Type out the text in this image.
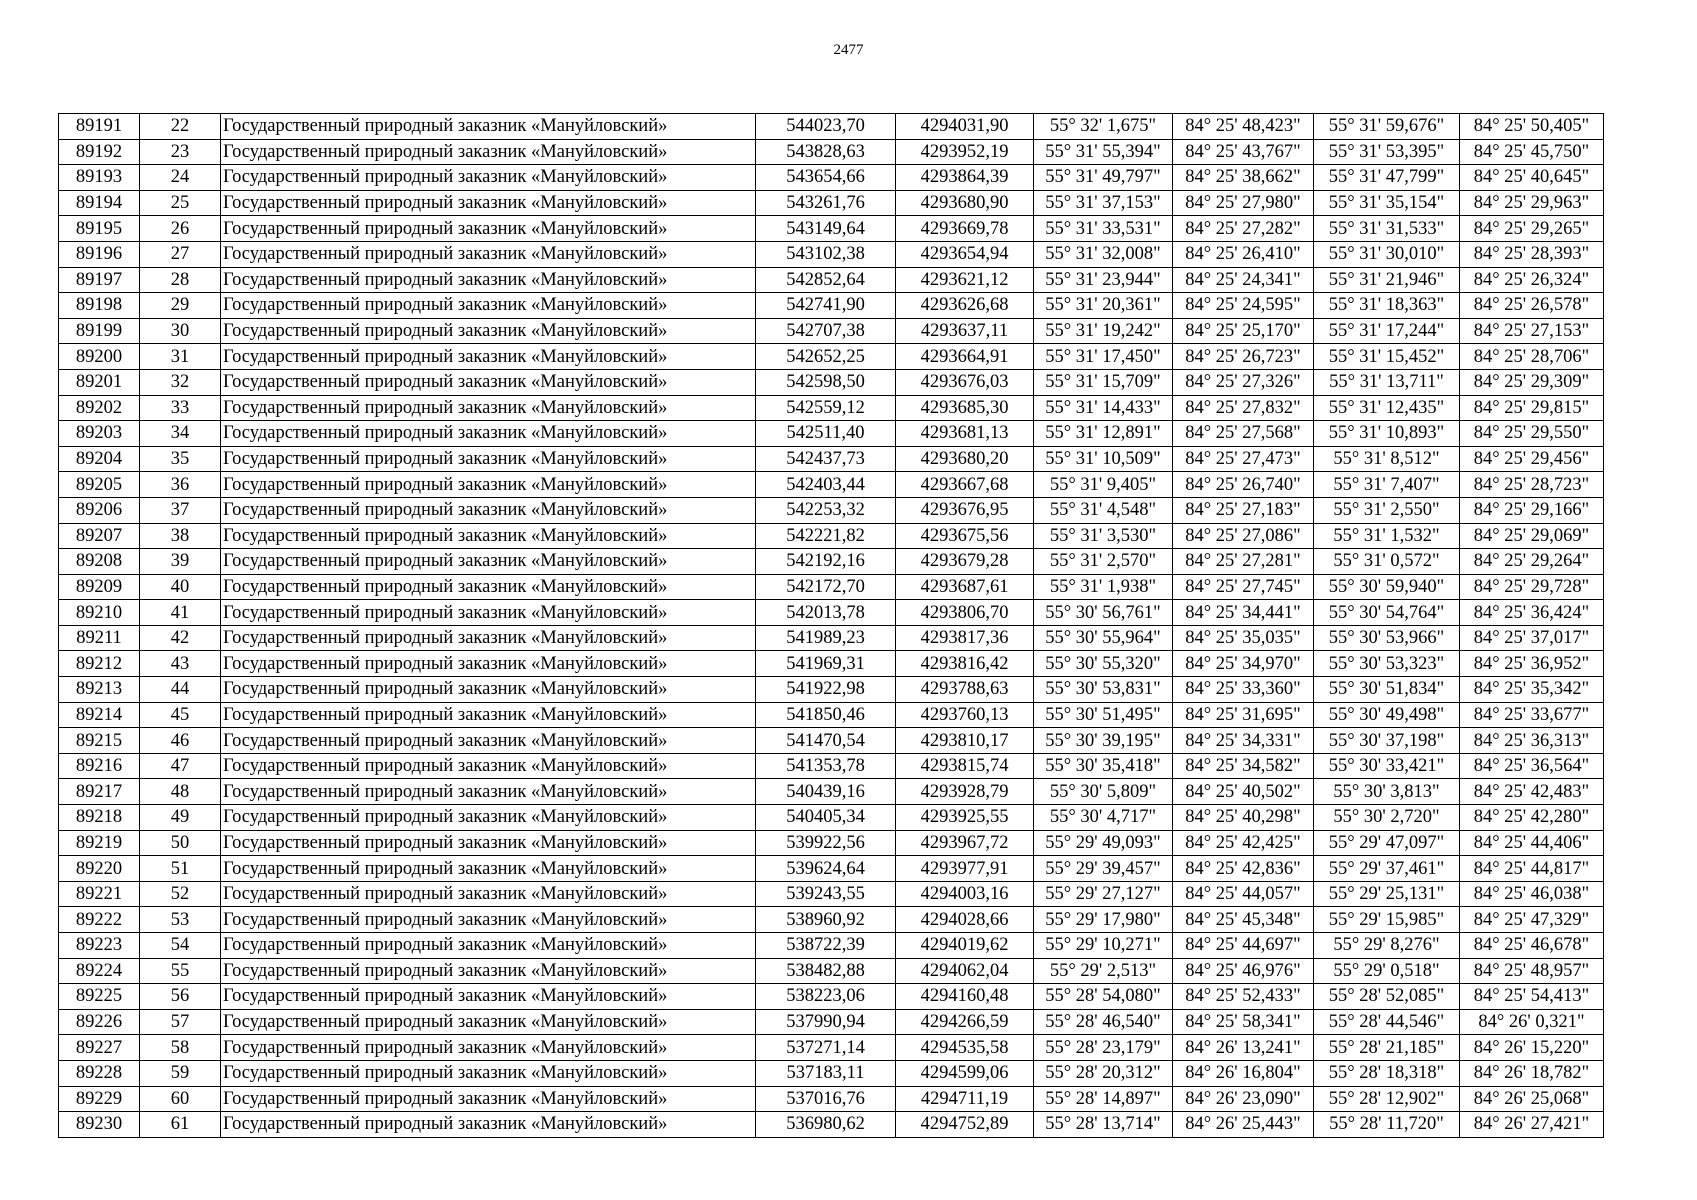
2477
89191	22	Государственный природный заказник «Мануйловский»	544023,70	4294031,90	55° 32' 1,675"	84° 25' 48,423"	55° 31' 59,676"	84° 25' 50,405"
89192	23	Государственный природный заказник «Мануйловский»	543828,63	4293952,19	55° 31' 55,394"	84° 25' 43,767"	55° 31' 53,395"	84° 25' 45,750"
89193	24	Государственный природный заказник «Мануйловский»	543654,66	4293864,39	55° 31' 49,797"	84° 25' 38,662"	55° 31' 47,799"	84° 25' 40,645"
89194	25	Государственный природный заказник «Мануйловский»	543261,76	4293680,90	55° 31' 37,153"	84° 25' 27,980"	55° 31' 35,154"	84° 25' 29,963"
89195	26	Государственный природный заказник «Мануйловский»	543149,64	4293669,78	55° 31' 33,531"	84° 25' 27,282"	55° 31' 31,533"	84° 25' 29,265"
89196	27	Государственный природный заказник «Мануйловский»	543102,38	4293654,94	55° 31' 32,008"	84° 25' 26,410"	55° 31' 30,010"	84° 25' 28,393"
89197	28	Государственный природный заказник «Мануйловский»	542852,64	4293621,12	55° 31' 23,944"	84° 25' 24,341"	55° 31' 21,946"	84° 25' 26,324"
89198	29	Государственный природный заказник «Мануйловский»	542741,90	4293626,68	55° 31' 20,361"	84° 25' 24,595"	55° 31' 18,363"	84° 25' 26,578"
89199	30	Государственный природный заказник «Мануйловский»	542707,38	4293637,11	55° 31' 19,242"	84° 25' 25,170"	55° 31' 17,244"	84° 25' 27,153"
89200	31	Государственный природный заказник «Мануйловский»	542652,25	4293664,91	55° 31' 17,450"	84° 25' 26,723"	55° 31' 15,452"	84° 25' 28,706"
89201	32	Государственный природный заказник «Мануйловский»	542598,50	4293676,03	55° 31' 15,709"	84° 25' 27,326"	55° 31' 13,711"	84° 25' 29,309"
89202	33	Государственный природный заказник «Мануйловский»	542559,12	4293685,30	55° 31' 14,433"	84° 25' 27,832"	55° 31' 12,435"	84° 25' 29,815"
89203	34	Государственный природный заказник «Мануйловский»	542511,40	4293681,13	55° 31' 12,891"	84° 25' 27,568"	55° 31' 10,893"	84° 25' 29,550"
89204	35	Государственный природный заказник «Мануйловский»	542437,73	4293680,20	55° 31' 10,509"	84° 25' 27,473"	55° 31' 8,512"	84° 25' 29,456"
89205	36	Государственный природный заказник «Мануйловский»	542403,44	4293667,68	55° 31' 9,405"	84° 25' 26,740"	55° 31' 7,407"	84° 25' 28,723"
89206	37	Государственный природный заказник «Мануйловский»	542253,32	4293676,95	55° 31' 4,548"	84° 25' 27,183"	55° 31' 2,550"	84° 25' 29,166"
89207	38	Государственный природный заказник «Мануйловский»	542221,82	4293675,56	55° 31' 3,530"	84° 25' 27,086"	55° 31' 1,532"	84° 25' 29,069"
89208	39	Государственный природный заказник «Мануйловский»	542192,16	4293679,28	55° 31' 2,570"	84° 25' 27,281"	55° 31' 0,572"	84° 25' 29,264"
89209	40	Государственный природный заказник «Мануйловский»	542172,70	4293687,61	55° 31' 1,938"	84° 25' 27,745"	55° 30' 59,940"	84° 25' 29,728"
89210	41	Государственный природный заказник «Мануйловский»	542013,78	4293806,70	55° 30' 56,761"	84° 25' 34,441"	55° 30' 54,764"	84° 25' 36,424"
89211	42	Государственный природный заказник «Мануйловский»	541989,23	4293817,36	55° 30' 55,964"	84° 25' 35,035"	55° 30' 53,966"	84° 25' 37,017"
89212	43	Государственный природный заказник «Мануйловский»	541969,31	4293816,42	55° 30' 55,320"	84° 25' 34,970"	55° 30' 53,323"	84° 25' 36,952"
89213	44	Государственный природный заказник «Мануйловский»	541922,98	4293788,63	55° 30' 53,831"	84° 25' 33,360"	55° 30' 51,834"	84° 25' 35,342"
89214	45	Государственный природный заказник «Мануйловский»	541850,46	4293760,13	55° 30' 51,495"	84° 25' 31,695"	55° 30' 49,498"	84° 25' 33,677"
89215	46	Государственный природный заказник «Мануйловский»	541470,54	4293810,17	55° 30' 39,195"	84° 25' 34,331"	55° 30' 37,198"	84° 25' 36,313"
89216	47	Государственный природный заказник «Мануйловский»	541353,78	4293815,74	55° 30' 35,418"	84° 25' 34,582"	55° 30' 33,421"	84° 25' 36,564"
89217	48	Государственный природный заказник «Мануйловский»	540439,16	4293928,79	55° 30' 5,809"	84° 25' 40,502"	55° 30' 3,813"	84° 25' 42,483"
89218	49	Государственный природный заказник «Мануйловский»	540405,34	4293925,55	55° 30' 4,717"	84° 25' 40,298"	55° 30' 2,720"	84° 25' 42,280"
89219	50	Государственный природный заказник «Мануйловский»	539922,56	4293967,72	55° 29' 49,093"	84° 25' 42,425"	55° 29' 47,097"	84° 25' 44,406"
89220	51	Государственный природный заказник «Мануйловский»	539624,64	4293977,91	55° 29' 39,457"	84° 25' 42,836"	55° 29' 37,461"	84° 25' 44,817"
89221	52	Государственный природный заказник «Мануйловский»	539243,55	4294003,16	55° 29' 27,127"	84° 25' 44,057"	55° 29' 25,131"	84° 25' 46,038"
89222	53	Государственный природный заказник «Мануйловский»	538960,92	4294028,66	55° 29' 17,980"	84° 25' 45,348"	55° 29' 15,985"	84° 25' 47,329"
89223	54	Государственный природный заказник «Мануйловский»	538722,39	4294019,62	55° 29' 10,271"	84° 25' 44,697"	55° 29' 8,276"	84° 25' 46,678"
89224	55	Государственный природный заказник «Мануйловский»	538482,88	4294062,04	55° 29' 2,513"	84° 25' 46,976"	55° 29' 0,518"	84° 25' 48,957"
89225	56	Государственный природный заказник «Мануйловский»	538223,06	4294160,48	55° 28' 54,080"	84° 25' 52,433"	55° 28' 52,085"	84° 25' 54,413"
89226	57	Государственный природный заказник «Мануйловский»	537990,94	4294266,59	55° 28' 46,540"	84° 25' 58,341"	55° 28' 44,546"	84° 26' 0,321"
89227	58	Государственный природный заказник «Мануйловский»	537271,14	4294535,58	55° 28' 23,179"	84° 26' 13,241"	55° 28' 21,185"	84° 26' 15,220"
89228	59	Государственный природный заказник «Мануйловский»	537183,11	4294599,06	55° 28' 20,312"	84° 26' 16,804"	55° 28' 18,318"	84° 26' 18,782"
89229	60	Государственный природный заказник «Мануйловский»	537016,76	4294711,19	55° 28' 14,897"	84° 26' 23,090"	55° 28' 12,902"	84° 26' 25,068"
89230	61	Государственный природный заказник «Мануйловский»	536980,62	4294752,89	55° 28' 13,714"	84° 26' 25,443"	55° 28' 11,720"	84° 26' 27,421"
